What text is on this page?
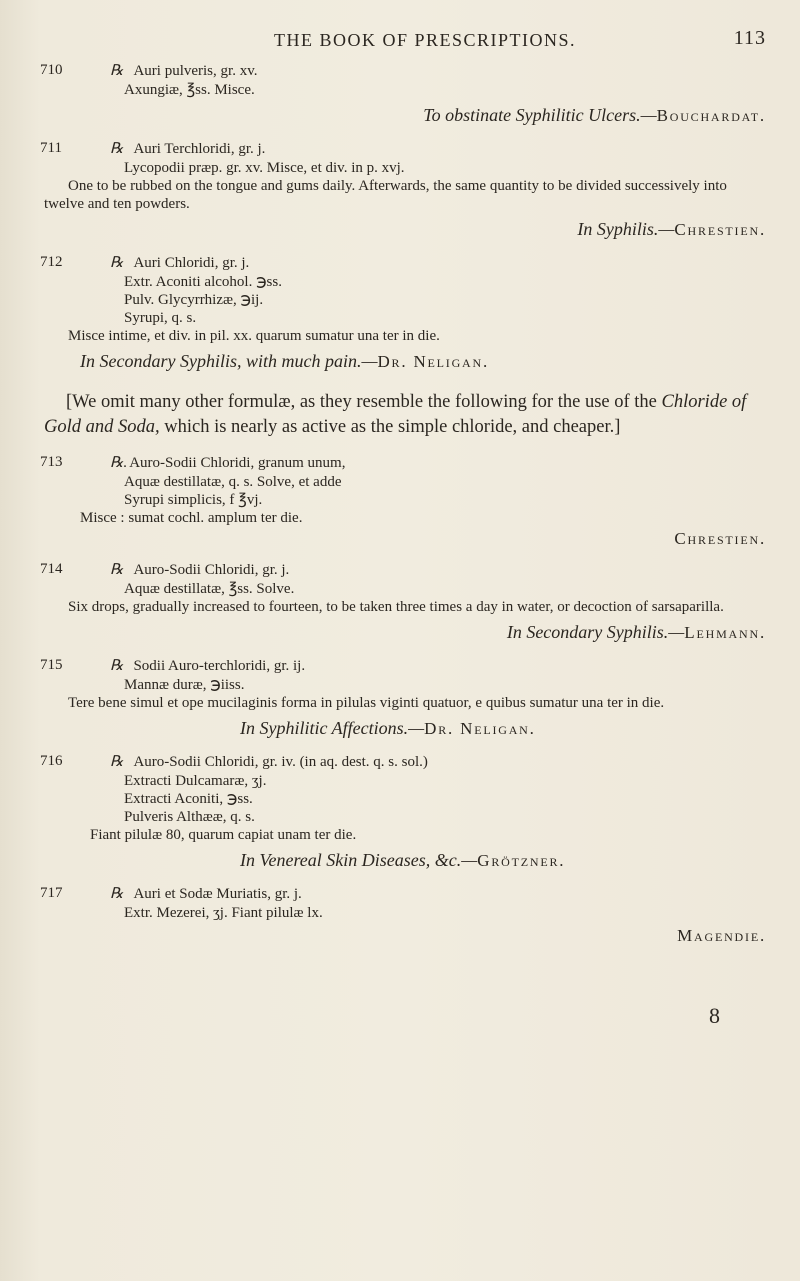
THE BOOK OF PRESCRIPTIONS.	113
710	℞ Auri pulveris, gr. xv.
Axungiæ, ℥ss. Misce.
To obstinate Syphilitic Ulcers.—Bouchardat.
711	℞ Auri Terchloridi, gr. j.
Lycopodii præp. gr. xv. Misce, et div. in p. xvj.
One to be rubbed on the tongue and gums daily. Afterwards, the same quantity to be divided successively into twelve and ten powders.
In Syphilis.—Chrestien.
712	℞ Auri Chloridi, gr. j.
Extr. Aconiti alcohol. ℈ss.
Pulv. Glycyrrhizæ, ℈ij.
Syrupi, q. s.
Misce intime, et div. in pil. xx. quarum sumatur una ter in die.
In Secondary Syphilis, with much pain.—Dr. Neligan.
[We omit many other formulæ, as they resemble the following for the use of the Chloride of Gold and Soda, which is nearly as active as the simple chloride, and cheaper.]
713	℞. Auro-Sodii Chloridi, granum unum,
Aquæ destillatæ, q. s. Solve, et adde
Syrupi simplicis, f ℥vj.
Misce : sumat cochl. amplum ter die.
Chrestien.
714	℞ Auro-Sodii Chloridi, gr. j.
Aquæ destillatæ, ℥ss. Solve.
Six drops, gradually increased to fourteen, to be taken three times a day in water, or decoction of sarsaparilla.
In Secondary Syphilis.—Lehmann.
715	℞ Sodii Auro-terchloridi, gr. ij.
Mannæ duræ, ℈iiss.
Tere bene simul et ope mucilaginis forma in pilulas viginti quatuor, e quibus sumatur una ter in die.
In Syphilitic Affections.—Dr. Neligan.
716	℞ Auro-Sodii Chloridi, gr. iv. (in aq. dest. q. s. sol.)
Extracti Dulcamaræ, ʒj.
Extracti Aconiti, ℈ss.
Pulveris Althææ, q. s.
Fiant pilulæ 80, quarum capiat unam ter die.
In Venereal Skin Diseases, &c.—Grötzner.
717	℞ Auri et Sodæ Muriatis, gr. j.
Extr. Mezerei, ʒj. Fiant pilulæ lx.
Magendie.
8
